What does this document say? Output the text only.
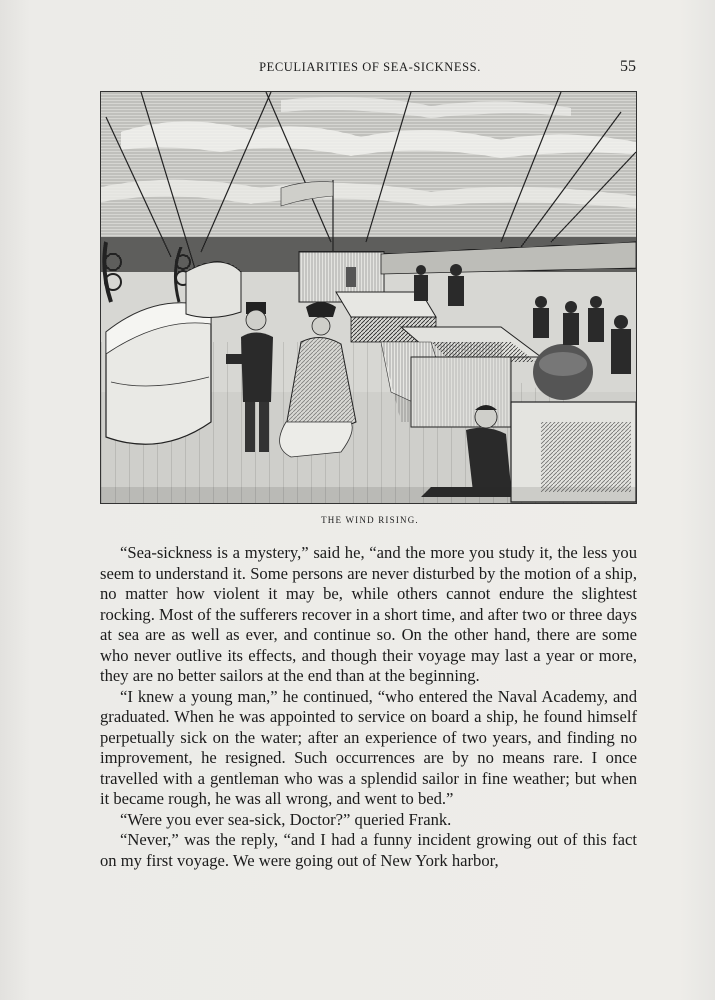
PECULIARITIES OF SEA-SICKNESS.	55
THE WIND RISING.

“Sea-sickness is a mystery,” said he, “and the more you study it, the less you seem to understand it. Some persons are never disturbed by the motion of a ship, no matter how violent it may be, while others cannot endure the slightest rocking. Most of the sufferers recover in a short time, and after two or three days at sea are as well as ever, and continue so. On the other hand, there are some who never outlive its effects, and though their voyage may last a year or more, they are no better sailors at the end than at the beginning.

“I knew a young man,” he continued, “who entered the Naval Academy, and graduated. When he was appointed to service on board a ship, he found himself perpetually sick on the water; after an experience of two years, and finding no improvement, he resigned. Such occurrences are by no means rare. I once travelled with a gentleman who was a splendid sailor in fine weather; but when it became rough, he was all wrong, and went to bed.”

“Were you ever sea-sick, Doctor?” queried Frank.

“Never,” was the reply, “and I had a funny incident growing out of this fact on my first voyage. We were going out of New York harbor,
